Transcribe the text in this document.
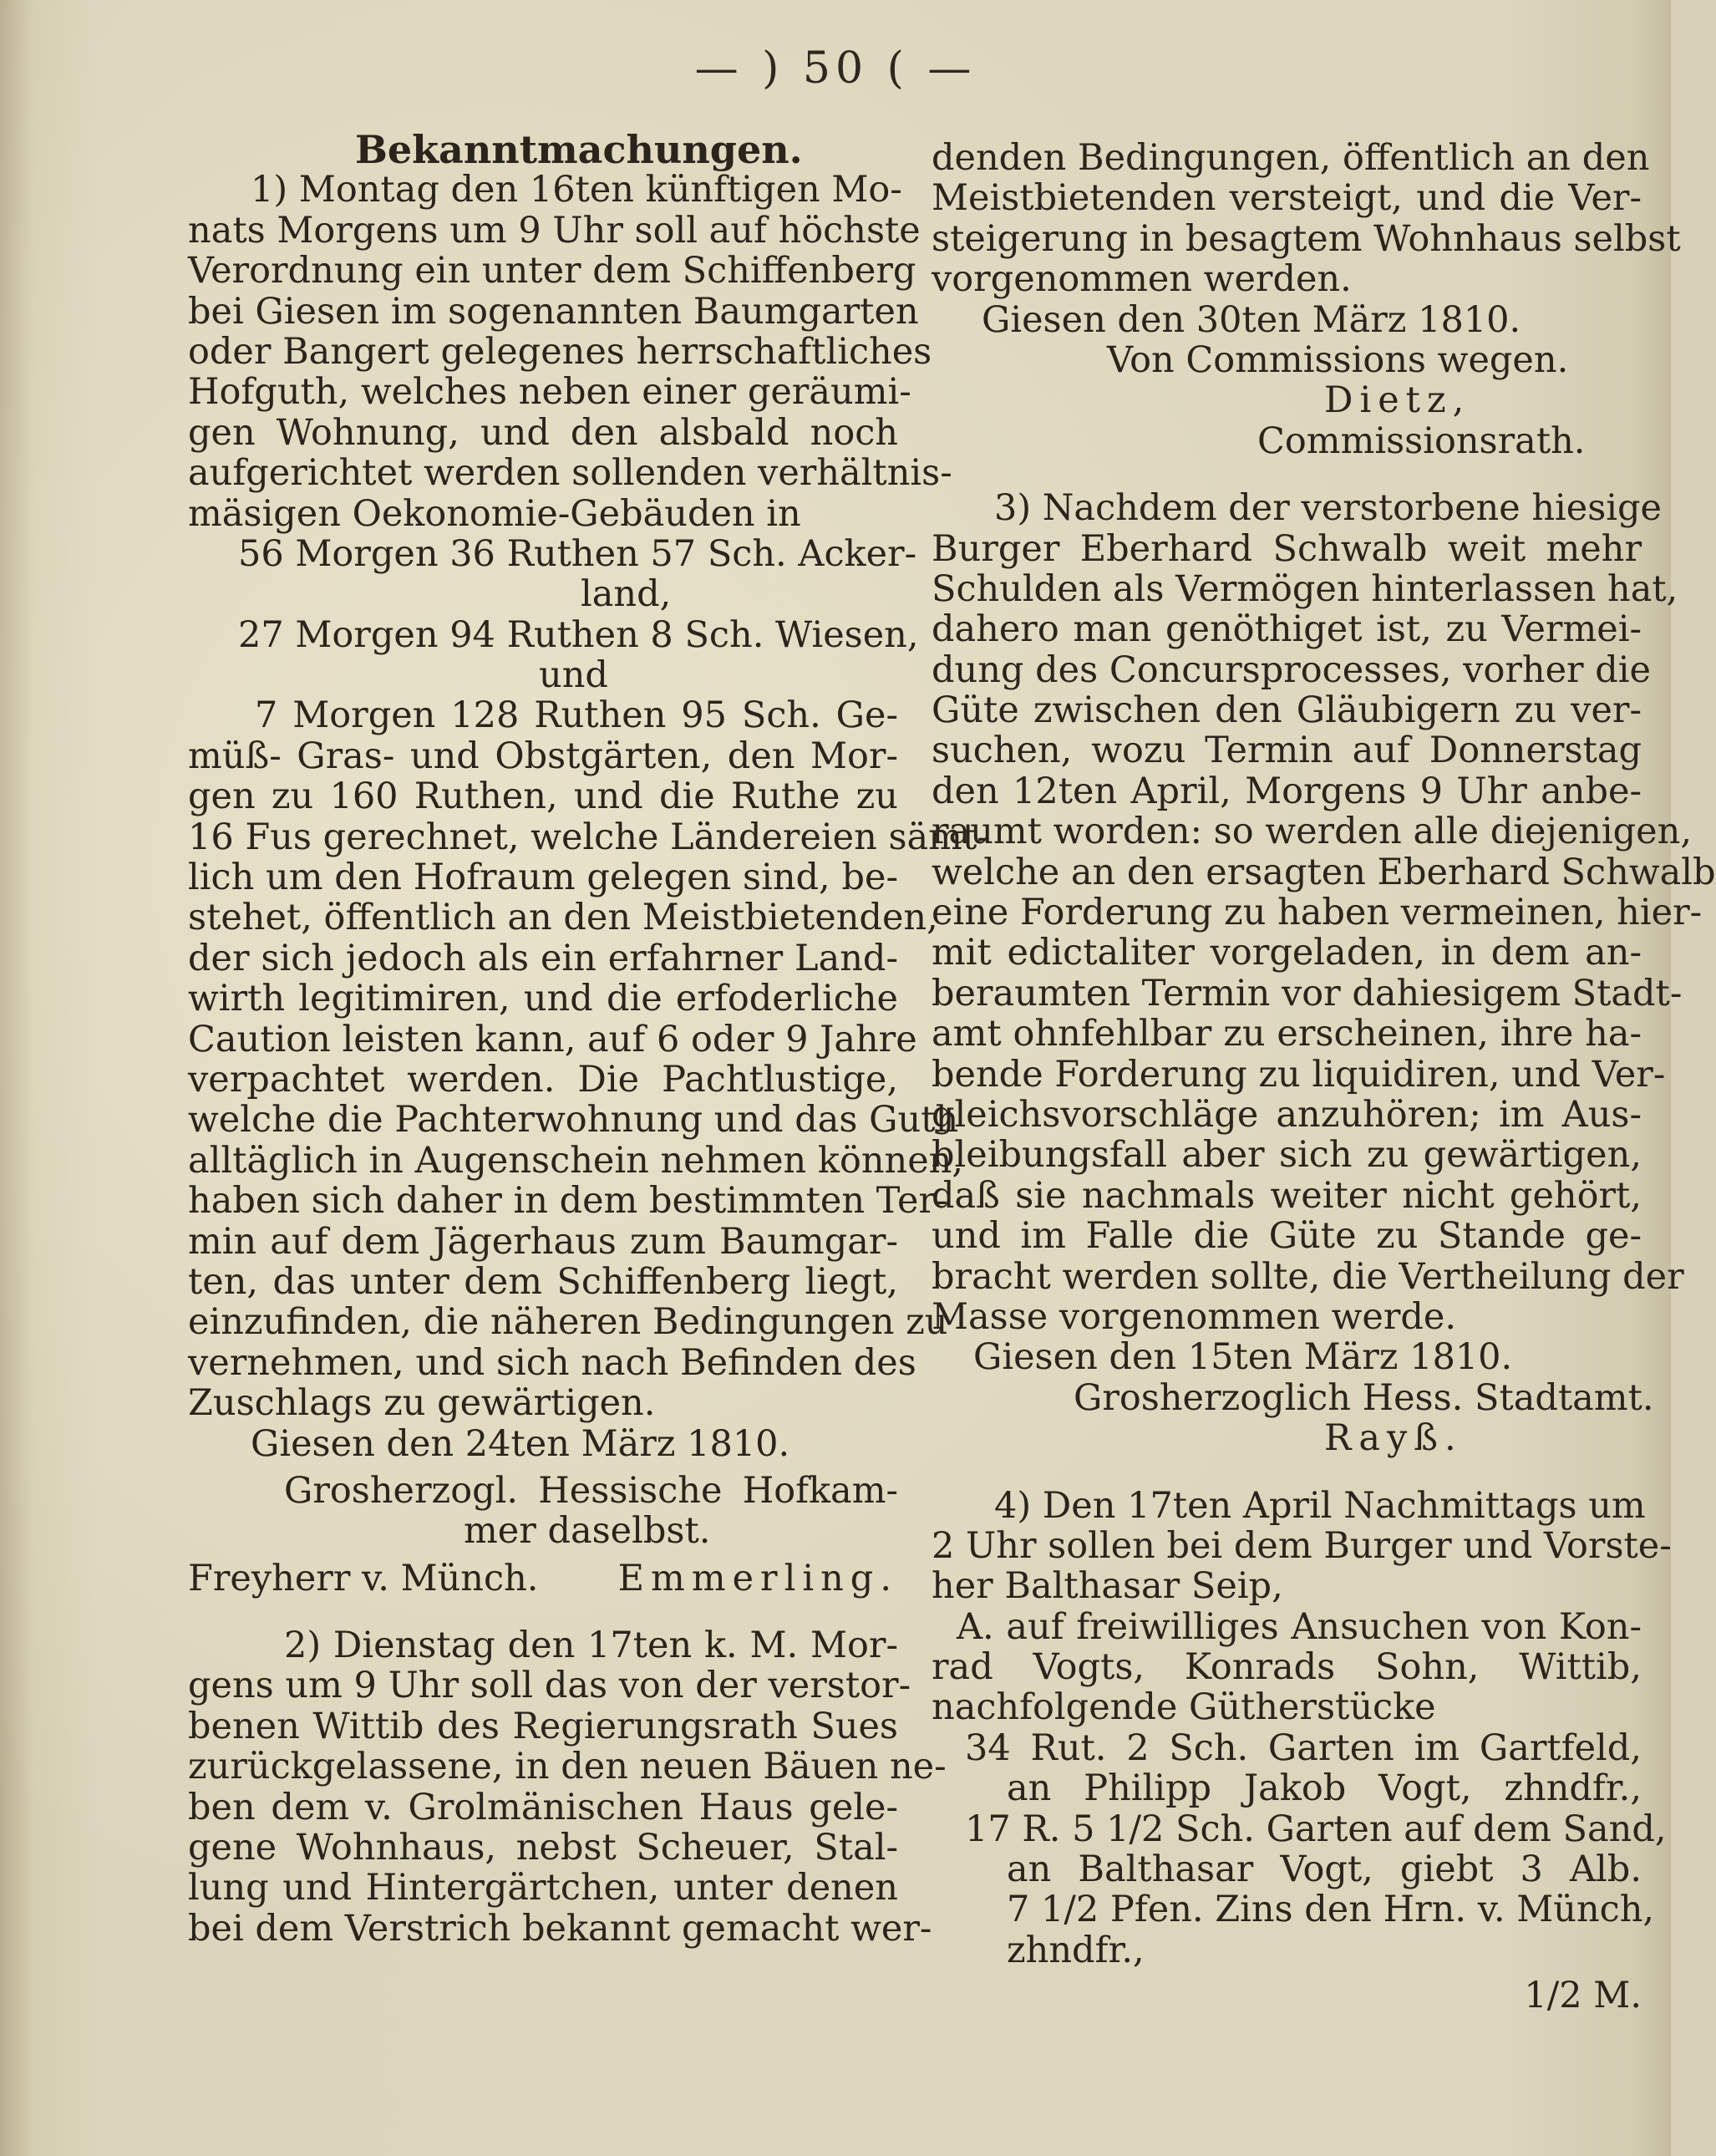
— ) 50 ( —
Bekanntmachungen.
1) Montag den 16ten künftigen Mo-
nats Morgens um 9 Uhr soll auf höchste
Verordnung ein unter dem Schiffenberg
bei Giesen im sogenannten Baumgarten
oder Bangert gelegenes herrschaftliches
Hofguth, welches neben einer geräumi-
gen Wohnung, und den alsbald noch
aufgerichtet werden sollenden verhältnis-
mäsigen Oekonomie-Gebäuden in
56 Morgen 36 Ruthen 57 Sch. Acker-
land,
27 Morgen 94 Ruthen 8 Sch. Wiesen,
und
7 Morgen 128 Ruthen 95 Sch. Ge-
müß- Gras- und Obstgärten, den Mor-
gen zu 160 Ruthen, und die Ruthe zu
16 Fus gerechnet, welche Ländereien sämt-
lich um den Hofraum gelegen sind, be-
stehet, öffentlich an den Meistbietenden,
der sich jedoch als ein erfahrner Land-
wirth legitimiren, und die erfoderliche
Caution leisten kann, auf 6 oder 9 Jahre
verpachtet werden. Die Pachtlustige,
welche die Pachterwohnung und das Guth
alltäglich in Augenschein nehmen können,
haben sich daher in dem bestimmten Ter-
min auf dem Jägerhaus zum Baumgar-
ten, das unter dem Schiffenberg liegt,
einzufinden, die näheren Bedingungen zu
vernehmen, und sich nach Befinden des
Zuschlags zu gewärtigen.
Giesen den 24ten März 1810.
Grosherzogl. Hessische Hofkam-
mer daselbst.
Freyherr v. Münch. Emmerling.
2) Dienstag den 17ten k. M. Mor-
gens um 9 Uhr soll das von der verstor-
benen Wittib des Regierungsrath Sues
zurückgelassene, in den neuen Bäuen ne-
ben dem v. Grolmänischen Haus gele-
gene Wohnhaus, nebst Scheuer, Stal-
lung und Hintergärtchen, unter denen
bei dem Verstrich bekannt gemacht wer-
denden Bedingungen, öffentlich an den
Meistbietenden versteigt, und die Ver-
steigerung in besagtem Wohnhaus selbst
vorgenommen werden.
Giesen den 30ten März 1810.
Von Commissions wegen.
Dietz,
Commissionsrath.
3) Nachdem der verstorbene hiesige
Burger Eberhard Schwalb weit mehr
Schulden als Vermögen hinterlassen hat,
dahero man genöthiget ist, zu Vermei-
dung des Concursprocesses, vorher die
Güte zwischen den Gläubigern zu ver-
suchen, wozu Termin auf Donnerstag
den 12ten April, Morgens 9 Uhr anbe-
raumt worden: so werden alle diejenigen,
welche an den ersagten Eberhard Schwalb
eine Forderung zu haben vermeinen, hier-
mit edictaliter vorgeladen, in dem an-
beraumten Termin vor dahiesigem Stadt-
amt ohnfehlbar zu erscheinen, ihre ha-
bende Forderung zu liquidiren, und Ver-
gleichsvorschläge anzuhören; im Aus-
bleibungsfall aber sich zu gewärtigen,
daß sie nachmals weiter nicht gehört,
und im Falle die Güte zu Stande ge-
bracht werden sollte, die Vertheilung der
Masse vorgenommen werde.
Giesen den 15ten März 1810.
Grosherzoglich Hess. Stadtamt.
Rayß.
4) Den 17ten April Nachmittags um
2 Uhr sollen bei dem Burger und Vorste-
her Balthasar Seip,
A. auf freiwilliges Ansuchen von Kon-
rad Vogts, Konrads Sohn, Wittib,
nachfolgende Gütherstücke
34 Rut. 2 Sch. Garten im Gartfeld,
an Philipp Jakob Vogt, zhndfr.,
17 R. 5 1/2 Sch. Garten auf dem Sand,
an Balthasar Vogt, giebt 3 Alb.
7 1/2 Pfen. Zins den Hrn. v. Münch,
zhndfr.,
1/2 M.
